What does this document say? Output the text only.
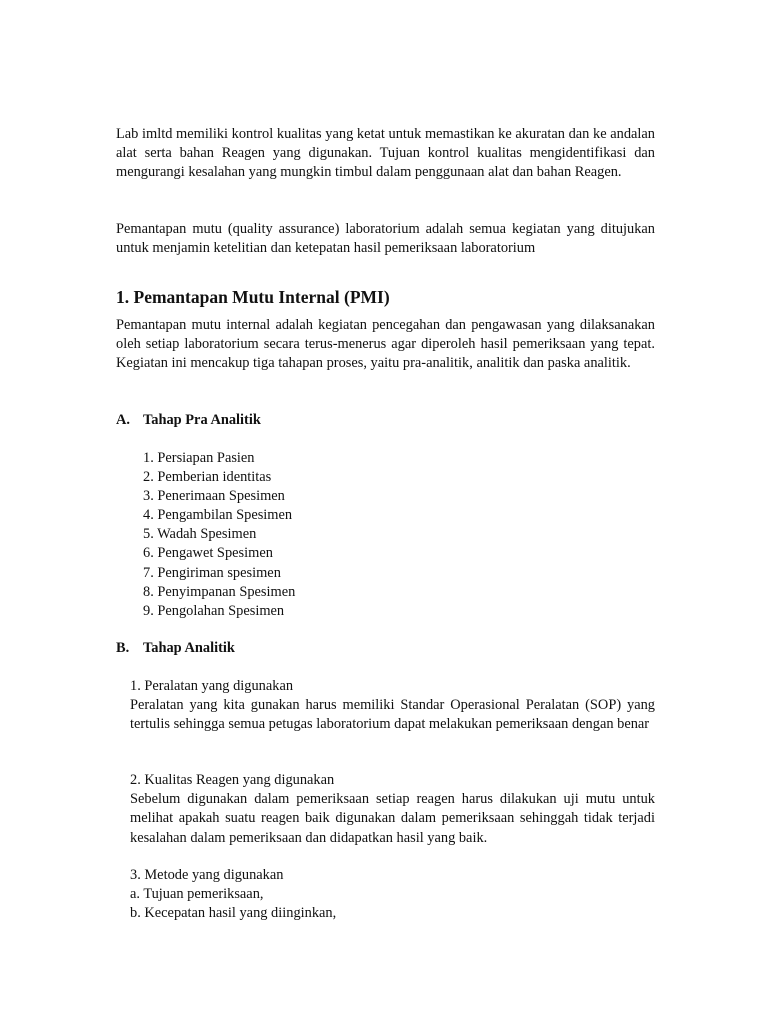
Lab imltd memiliki kontrol kualitas yang ketat untuk memastikan ke akuratan dan ke andalan alat serta bahan Reagen yang digunakan. Tujuan kontrol kualitas mengidentifikasi dan mengurangi kesalahan yang mungkin timbul dalam penggunaan alat dan bahan Reagen.

Pemantapan mutu (quality assurance) laboratorium adalah semua kegiatan yang ditujukan untuk menjamin ketelitian dan ketepatan hasil pemeriksaan laboratorium

1. Pemantapan Mutu Internal (PMI)

Pemantapan mutu internal adalah kegiatan pencegahan dan pengawasan yang dilaksanakan oleh setiap laboratorium secara terus-menerus agar diperoleh hasil pemeriksaan yang tepat. Kegiatan ini mencakup tiga tahapan proses, yaitu pra-analitik, analitik dan paska analitik.

A. Tahap Pra Analitik
1. Persiapan Pasien
2. Pemberian identitas
3. Penerimaan Spesimen
4. Pengambilan Spesimen
5. Wadah Spesimen
6. Pengawet Spesimen
7. Pengiriman spesimen
8. Penyimpanan Spesimen
9. Pengolahan Spesimen
B. Tahap Analitik
1. Peralatan yang digunakan
Peralatan yang kita gunakan harus memiliki Standar Operasional Peralatan (SOP) yang tertulis sehingga semua petugas laboratorium dapat melakukan pemeriksaan dengan benar
2. Kualitas Reagen yang digunakan
Sebelum digunakan dalam pemeriksaan setiap reagen harus dilakukan uji mutu untuk melihat apakah suatu reagen baik digunakan dalam pemeriksaan sehinggah tidak terjadi kesalahan dalam pemeriksaan dan didapatkan hasil yang baik.
3. Metode yang digunakan
a. Tujuan pemeriksaan,
b. Kecepatan hasil yang diinginkan,
